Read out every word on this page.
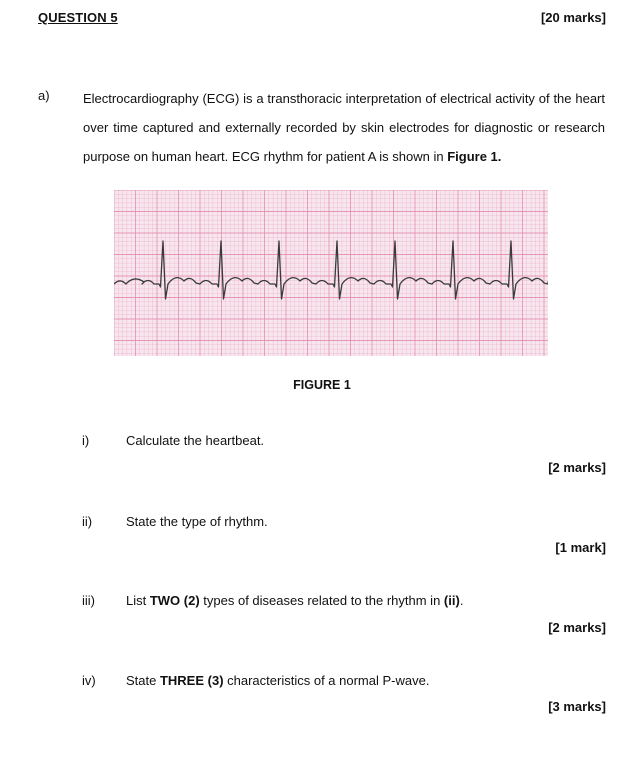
QUESTION 5	[20 marks]
a)	Electrocardiography (ECG) is a transthoracic interpretation of electrical activity of the heart over time captured and externally recorded by skin electrodes for diagnostic or research purpose on human heart. ECG rhythm for patient A is shown in Figure 1.
FIGURE 1
i)	Calculate the heartbeat.
[2 marks]
ii)	State the type of rhythm.
[1 mark]
iii) List TWO (2) types of diseases related to the rhythm in (ii).
[2 marks]
iv) State THREE (3) characteristics of a normal P-wave.
[3 marks]
